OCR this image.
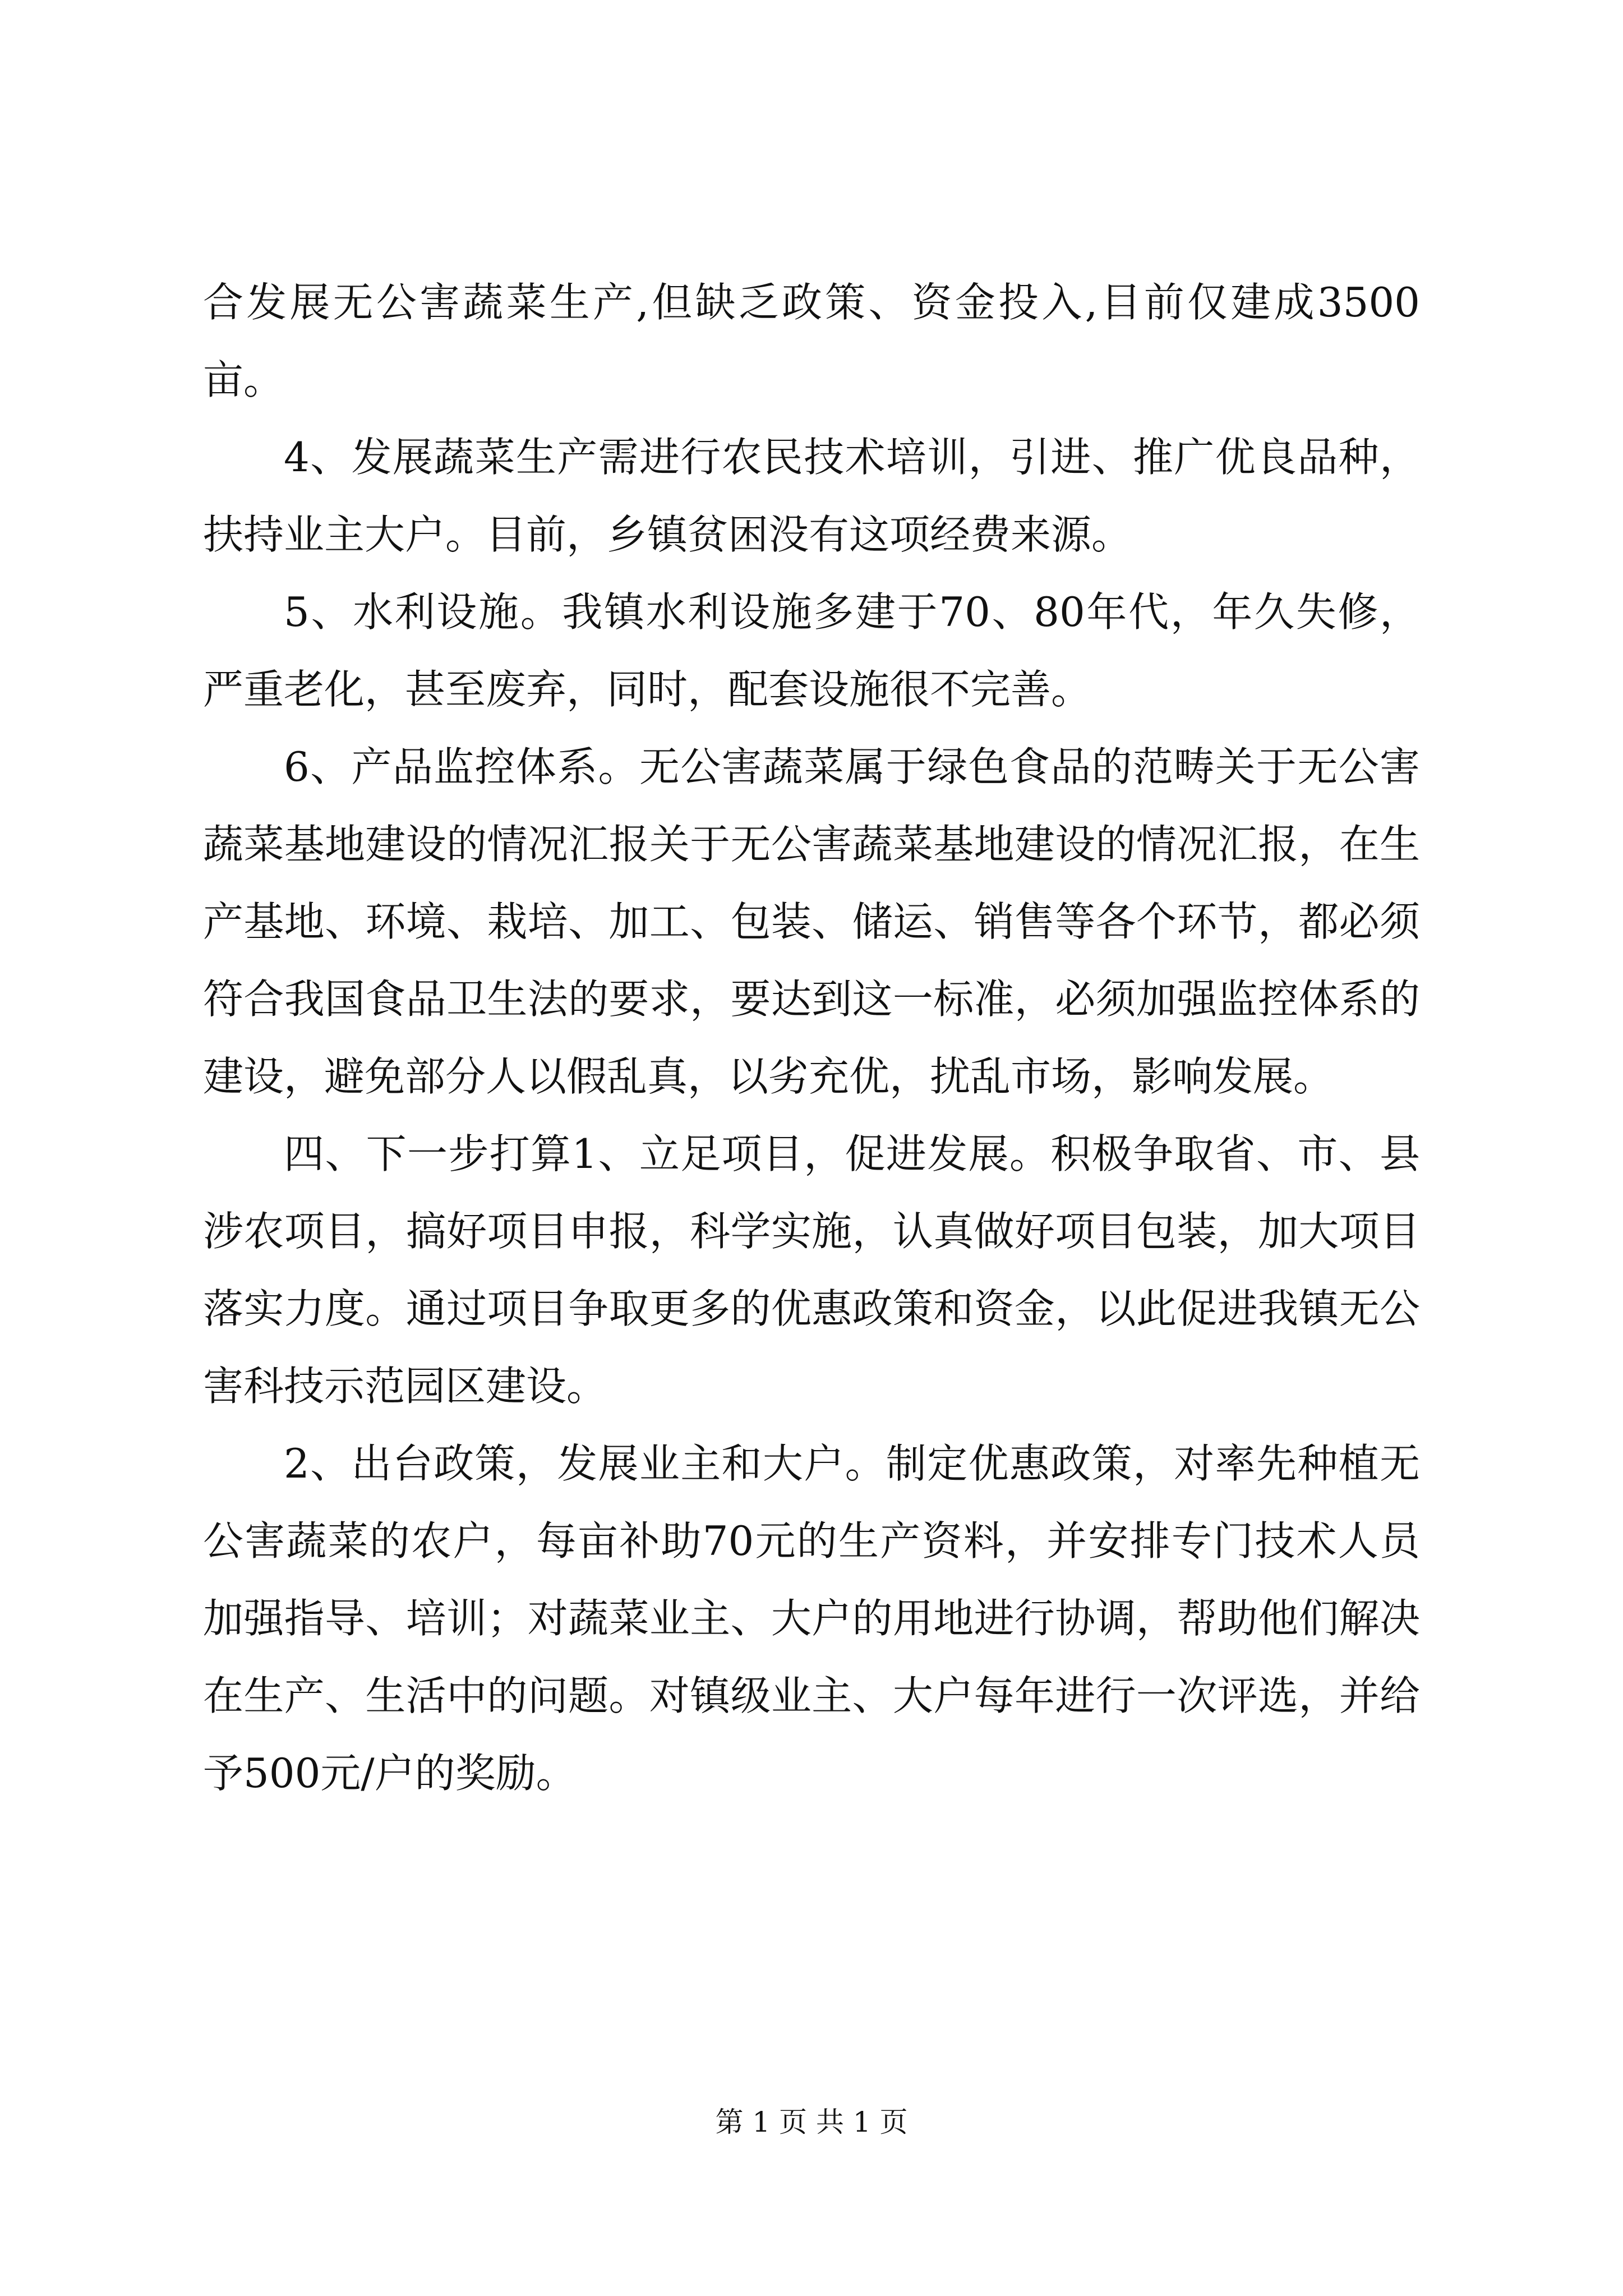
合发展无公害蔬菜生产,但缺乏政策、资金投入,目前仅建成3500亩。

4、发展蔬菜生产需进行农民技术培训，引进、推广优良品种，扶持业主大户。目前，乡镇贫困没有这项经费来源。

5、水利设施。我镇水利设施多建于70、80年代，年久失修，严重老化，甚至废弃，同时，配套设施很不完善。

6、产品监控体系。无公害蔬菜属于绿色食品的范畴关于无公害蔬菜基地建设的情况汇报关于无公害蔬菜基地建设的情况汇报，在生产基地、环境、栽培、加工、包装、储运、销售等各个环节，都必须符合我国食品卫生法的要求，要达到这一标准，必须加强监控体系的建设，避免部分人以假乱真，以劣充优，扰乱市场，影响发展。

四、下一步打算1、立足项目，促进发展。积极争取省、市、县涉农项目，搞好项目申报，科学实施，认真做好项目包装，加大项目落实力度。通过项目争取更多的优惠政策和资金，以此促进我镇无公害科技示范园区建设。

2、出台政策，发展业主和大户。制定优惠政策，对率先种植无公害蔬菜的农户，每亩补助70元的生产资料，并安排专门技术人员加强指导、培训；对蔬菜业主、大户的用地进行协调，帮助他们解决在生产、生活中的问题。对镇级业主、大户每年进行一次评选，并给予500元/户的奖励。

第 1 页 共 1 页
